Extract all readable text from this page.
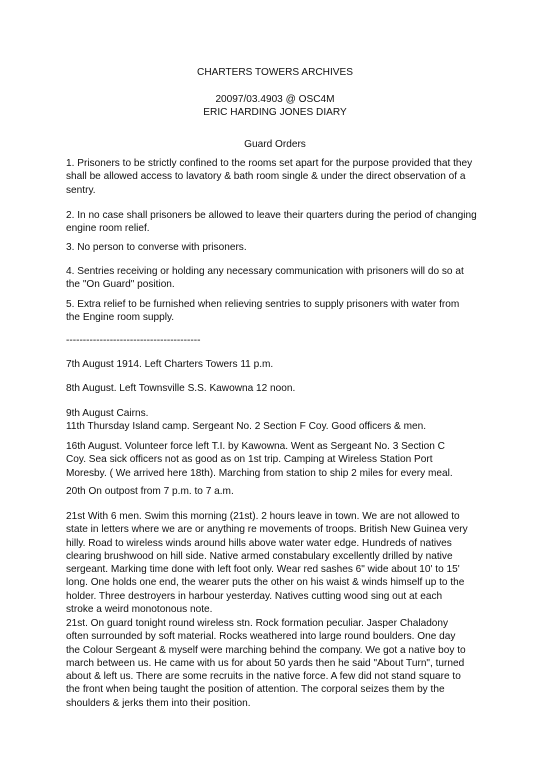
CHARTERS TOWERS ARCHIVES
20097/03.4903 @ OSC4M
ERIC HARDING JONES DIARY
Guard Orders

1. Prisoners to be strictly confined to the rooms set apart for the purpose provided that they
shall be allowed access to lavatory & bath room single & under the direct observation of a
sentry.

2. In no case shall prisoners be allowed to leave their quarters during the period of changing
engine room relief.

3. No person to converse with prisoners.

4. Sentries receiving or holding any necessary communication with prisoners will do so at
the "On Guard" position.

5. Extra relief to be furnished when relieving sentries to supply prisoners with water from
the Engine room supply.

----------------------------------------

7th August 1914. Left Charters Towers 11 p.m.

8th August. Left Townsville S.S. Kawowna 12 noon.

9th August Cairns.
11th Thursday Island camp. Sergeant No. 2 Section F Coy. Good officers & men.

16th August. Volunteer force left T.I. by Kawowna. Went as Sergeant No. 3 Section C
Coy. Sea sick officers not as good as on 1st trip. Camping at Wireless Station Port
Moresby. ( We arrived here 18th). Marching from station to ship 2 miles for every meal.

20th On outpost from 7 p.m. to 7 a.m.

21st With 6 men. Swim this morning (21st). 2 hours leave in town. We are not allowed to
state in letters where we are or anything re movements of troops. British New Guinea very
hilly. Road to wireless winds around hills above water water edge. Hundreds of natives
clearing brushwood on hill side. Native armed constabulary excellently drilled by native
sergeant. Marking time done with left foot only. Wear red sashes 6" wide about 10' to 15'
long. One holds one end, the wearer puts the other on his waist & winds himself up to the
holder. Three destroyers in harbour yesterday. Natives cutting wood sing out at each
stroke a weird monotonous note.

21st. On guard tonight round wireless stn. Rock formation peculiar. Jasper Chaladony
often surrounded by soft material. Rocks weathered into large round boulders. One day
the Colour Sergeant & myself were marching behind the company. We got a native boy to
march between us. He came with us for about 50 yards then he said "About Turn", turned
about & left us. There are some recruits in the native force. A few did not stand square to
the front when being taught the position of attention. The corporal seizes them by the
shoulders & jerks them into their position.
